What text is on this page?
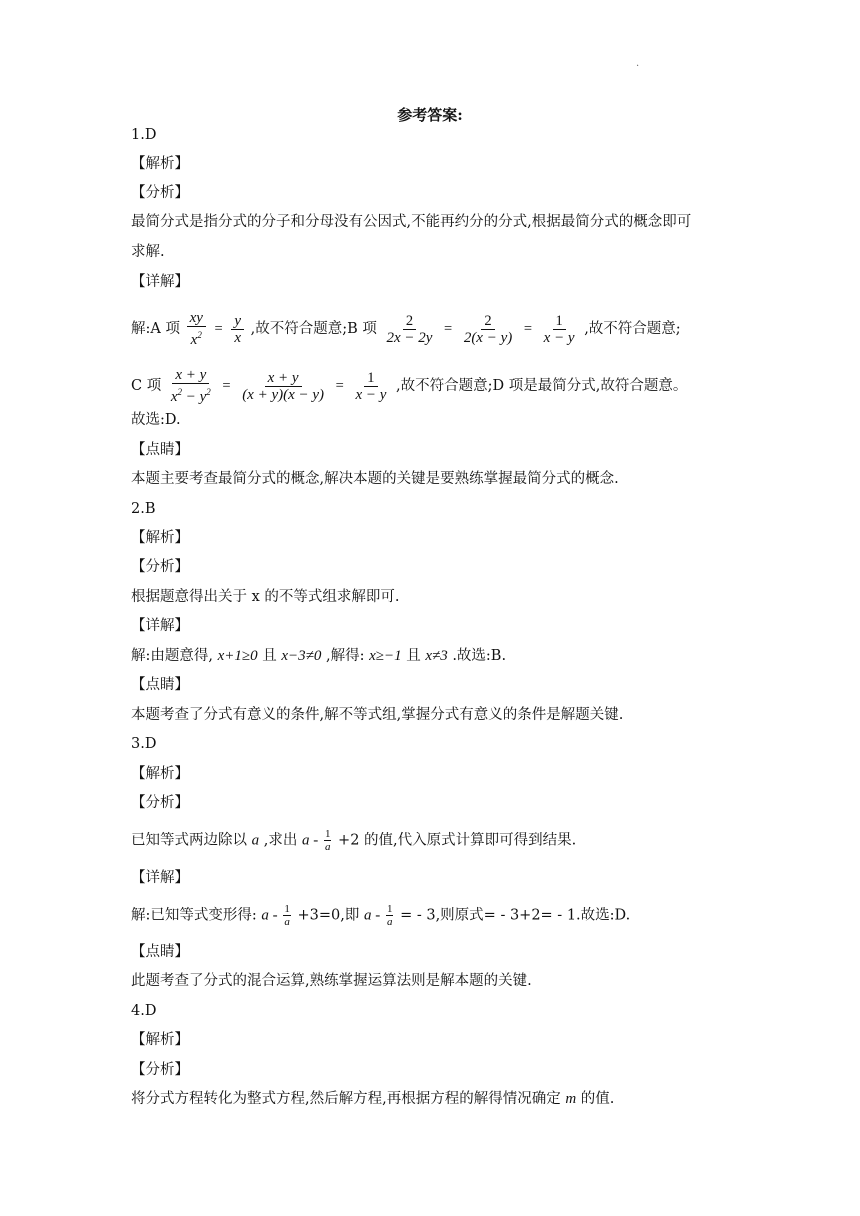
.
参考答案:
1.D
【解析】
【分析】
最简分式是指分式的分子和分母没有公因式,不能再约分的分式,根据最简分式的概念即可
求解.
【详解】
解:A 项 $\frac{xy}{x^2} = \frac{y}{x}$ ,故不符合题意;B 项 $\frac{2}{2x - 2y} = \frac{2}{2(x - y)} = \frac{1}{x - y}$ ,故不符合题意;
C 项 $\frac{x + y}{x^2 - y^2} = \frac{x + y}{(x + y)(x - y)} = \frac{1}{x - y}$ ,故不符合题意;D 项是最简分式,故符合题意。
故选:D.
【点睛】
本题主要考查最简分式的概念,解决本题的关键是要熟练掌握最简分式的概念.
2.B
【解析】
【分析】
根据题意得出关于 x 的不等式组求解即可.
【详解】
解:由题意得, x+1≥0 且 x−3≠0 ,解得: x≥−1 且 x≠3 .故选:B.
【点睛】
本题考查了分式有意义的条件,解不等式组,掌握分式有意义的条件是解题关键.
3.D
【解析】
【分析】
已知等式两边除以 a ,求出 $a - \frac{1}{a} +2$ 的值,代入原式计算即可得到结果.
【详解】
解:已知等式变形得: $a - \frac{1}{a} +3=0$,即 a - $\frac{1}{a}$ = - 3,则原式= - 3+2= - 1.故选:D.
【点睛】
此题考查了分式的混合运算,熟练掌握运算法则是解本题的关键.
4.D
【解析】
【分析】
将分式方程转化为整式方程,然后解方程,再根据方程的解得情况确定 m 的值.
